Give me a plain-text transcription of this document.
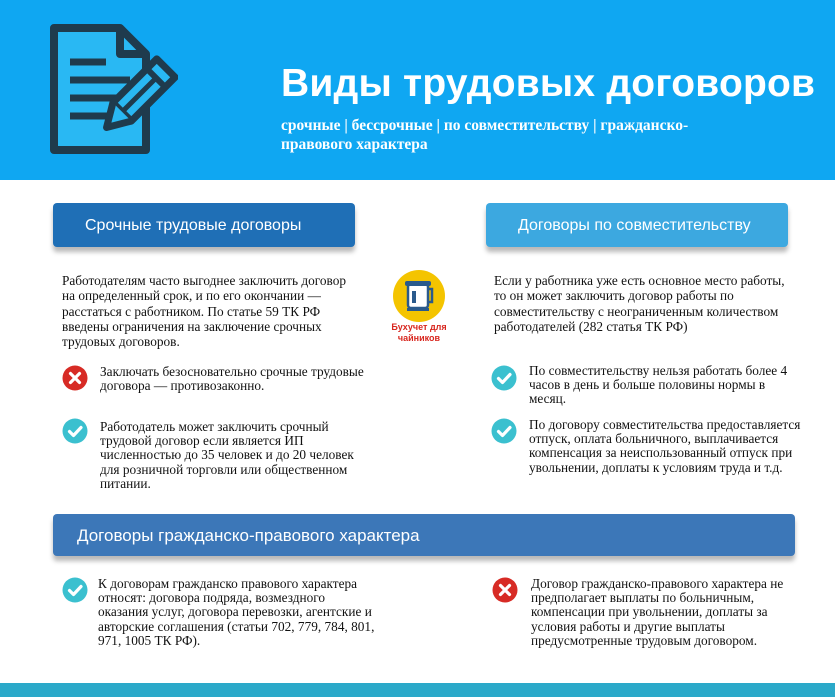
Виды трудовых договоров

срочные | бессрочные | по совместительству | гражданско-правового характера

Срочные трудовые договоры

Работодателям часто выгоднее заключить договор на определенный срок, и по его окончании — расстаться с работником. По статье 59 ТК РФ введены ограничения на заключение срочных трудовых договоров.

Заключать безосновательно срочные трудовые договора — противозаконно.

Работодатель может заключить срочный трудовой договор если является ИП численностью до 35 человек и до 20 человек для розничной торговли или общественном питании.

Бухучет для чайников

Договоры по совместительству

Если у работника уже есть основное место работы, то он может заключить договор работы по совместительству с неограниченным количеством работодателей (282 статья ТК РФ)

По совместительству нельзя работать более 4 часов в день и больше половины нормы в месяц.

По договору совместительства предоставляется отпуск, оплата больничного, выплачивается компенсация за неиспользованный отпуск при увольнении, доплаты к условиям труда и т.д.

Договоры гражданско-правового характера

К договорам гражданско правового характера относят: договора подряда, возмездного оказания услуг, договора перевозки, агентские и авторские соглашения (статьи 702, 779, 784, 801, 971, 1005 ТК РФ).

Договор гражданско-правового характера не предполагает выплаты по больничным, компенсации при увольнении, доплаты за условия работы и другие выплаты предусмотренные трудовым договором.
